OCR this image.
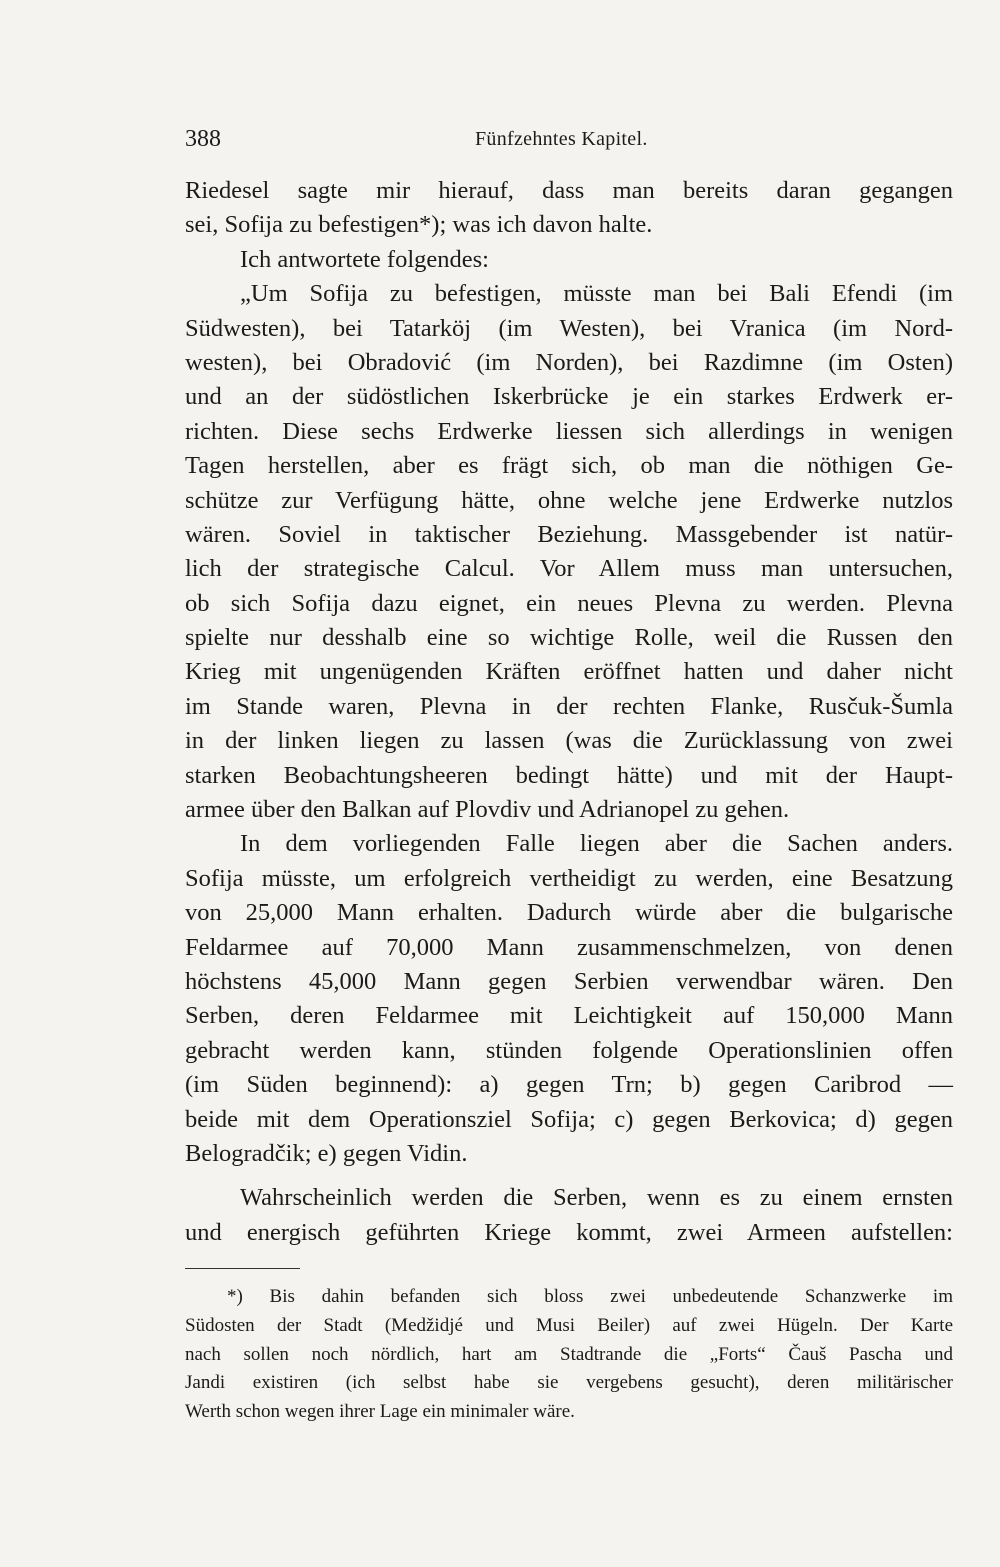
388	Fünfzehntes Kapitel.
Riedesel sagte mir hierauf, dass man bereits daran gegangen
sei, Sofija zu befestigen*); was ich davon halte.
Ich antwortete folgendes:
„Um Sofija zu befestigen, müsste man bei Bali Efendi (im
Südwesten), bei Tatarköj (im Westen), bei Vranica (im Nord-
westen), bei Obradović (im Norden), bei Razdimne (im Osten)
und an der südöstlichen Iskerbrücke je ein starkes Erdwerk er-
richten. Diese sechs Erdwerke liessen sich allerdings in wenigen
Tagen herstellen, aber es frägt sich, ob man die nöthigen Ge-
schütze zur Verfügung hätte, ohne welche jene Erdwerke nutzlos
wären. Soviel in taktischer Beziehung. Massgebender ist natür-
lich der strategische Calcul. Vor Allem muss man untersuchen,
ob sich Sofija dazu eignet, ein neues Plevna zu werden. Plevna
spielte nur desshalb eine so wichtige Rolle, weil die Russen den
Krieg mit ungenügenden Kräften eröffnet hatten und daher nicht
im Stande waren, Plevna in der rechten Flanke, Rusčuk-Šumla
in der linken liegen zu lassen (was die Zurücklassung von zwei
starken Beobachtungsheeren bedingt hätte) und mit der Haupt-
armee über den Balkan auf Plovdiv und Adrianopel zu gehen.
In dem vorliegenden Falle liegen aber die Sachen anders.
Sofija müsste, um erfolgreich vertheidigt zu werden, eine Besatzung
von 25,000 Mann erhalten. Dadurch würde aber die bulgarische
Feldarmee auf 70,000 Mann zusammenschmelzen, von denen
höchstens 45,000 Mann gegen Serbien verwendbar wären. Den
Serben, deren Feldarmee mit Leichtigkeit auf 150,000 Mann
gebracht werden kann, stünden folgende Operationslinien offen
(im Süden beginnend): a) gegen Trn; b) gegen Caribrod —
beide mit dem Operationsziel Sofija; c) gegen Berkovica; d) gegen
Belogradčik; e) gegen Vidin.
Wahrscheinlich werden die Serben, wenn es zu einem ernsten
und energisch geführten Kriege kommt, zwei Armeen aufstellen:
*) Bis dahin befanden sich bloss zwei unbedeutende Schanzwerke im
Südosten der Stadt (Medžidjé und Musi Beiler) auf zwei Hügeln. Der Karte
nach sollen noch nördlich, hart am Stadtrande die „Forts“ Čauš Pascha und
Jandi existiren (ich selbst habe sie vergebens gesucht), deren militärischer
Werth schon wegen ihrer Lage ein minimaler wäre.
